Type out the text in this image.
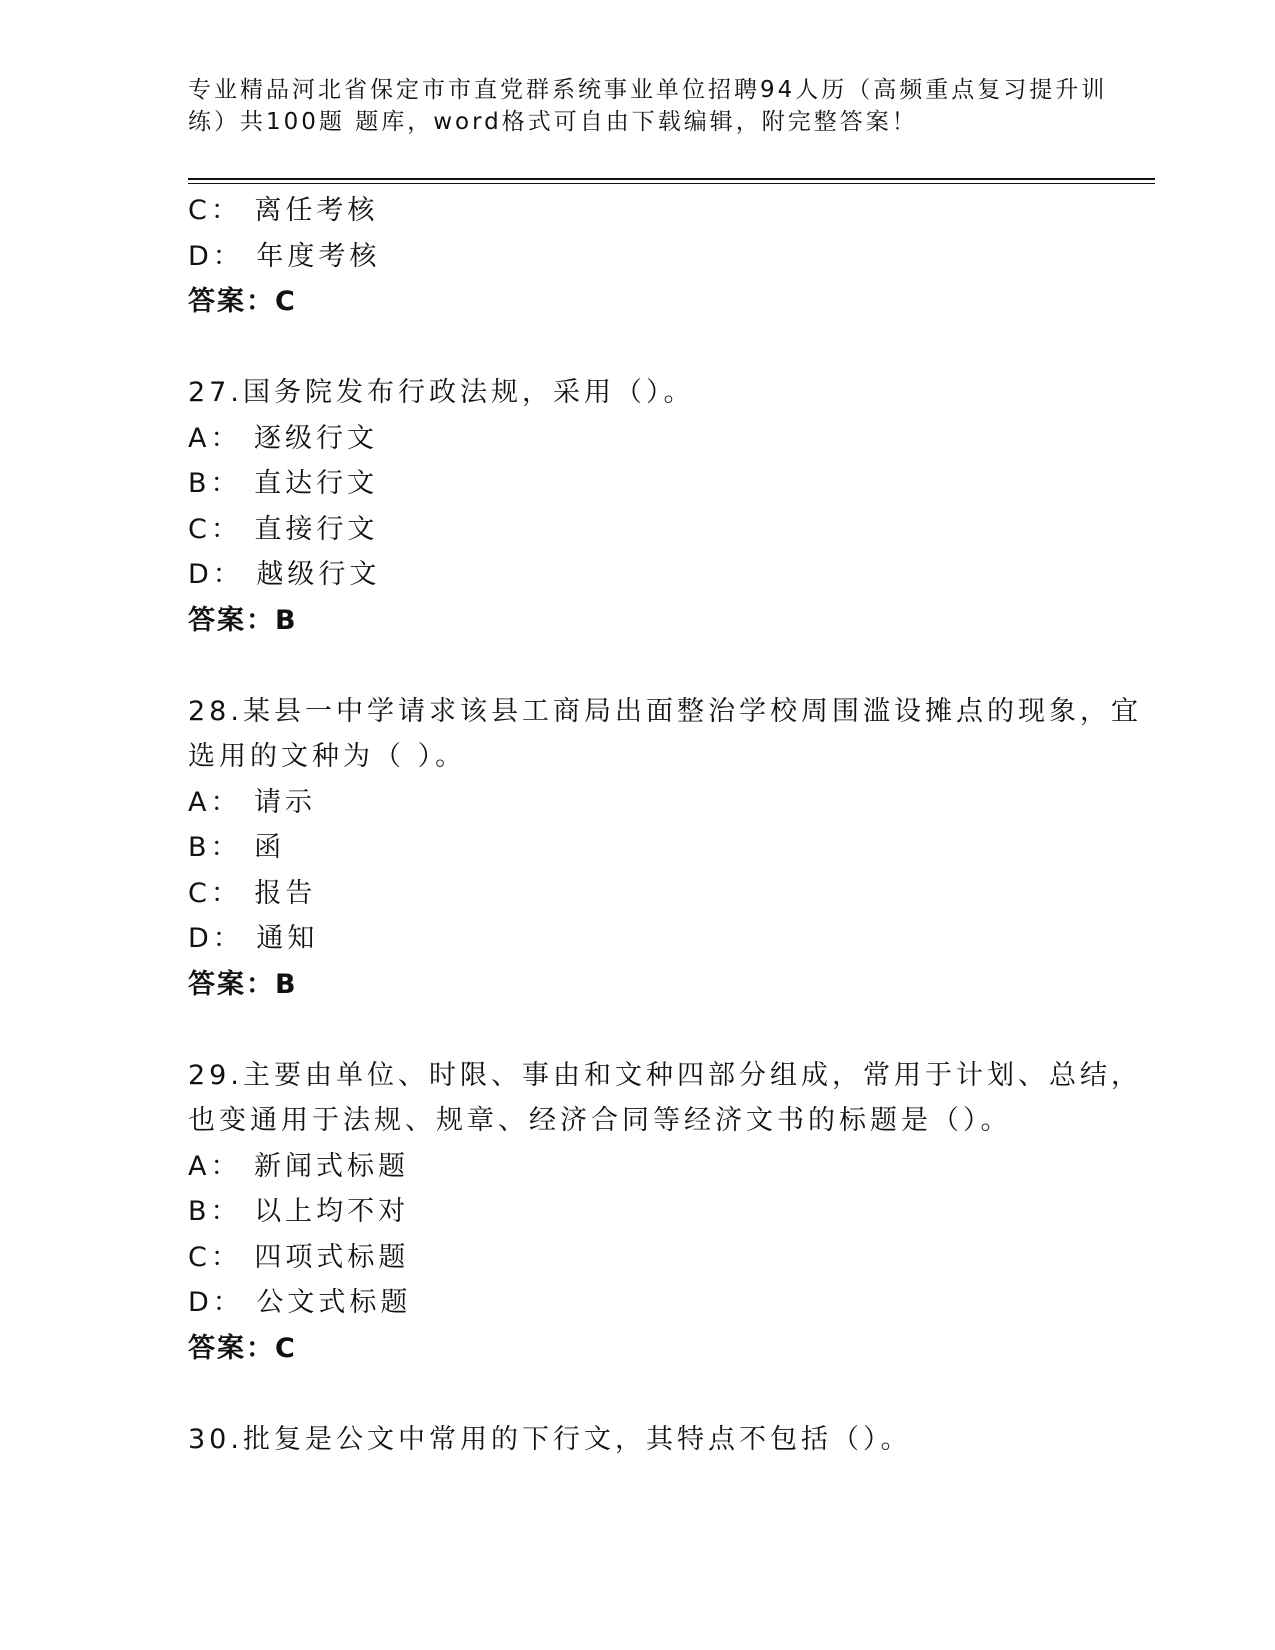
专业精品河北省保定市市直党群系统事业单位招聘94人历（高频重点复习提升训
练）共100题 题库，word格式可自由下载编辑，附完整答案！
C： 离任考核
D： 年度考核
答案：C
27.国务院发布行政法规，采用（）。
A： 逐级行文
B： 直达行文
C： 直接行文
D： 越级行文
答案：B
28.某县一中学请求该县工商局出面整治学校周围滥设摊点的现象，宜
选用的文种为（ ）。
A： 请示
B： 函
C： 报告
D： 通知
答案：B
29.主要由单位、时限、事由和文种四部分组成，常用于计划、总结，
也变通用于法规、规章、经济合同等经济文书的标题是（）。
A： 新闻式标题
B： 以上均不对
C： 四项式标题
D： 公文式标题
答案：C
30.批复是公文中常用的下行文，其特点不包括（）。
